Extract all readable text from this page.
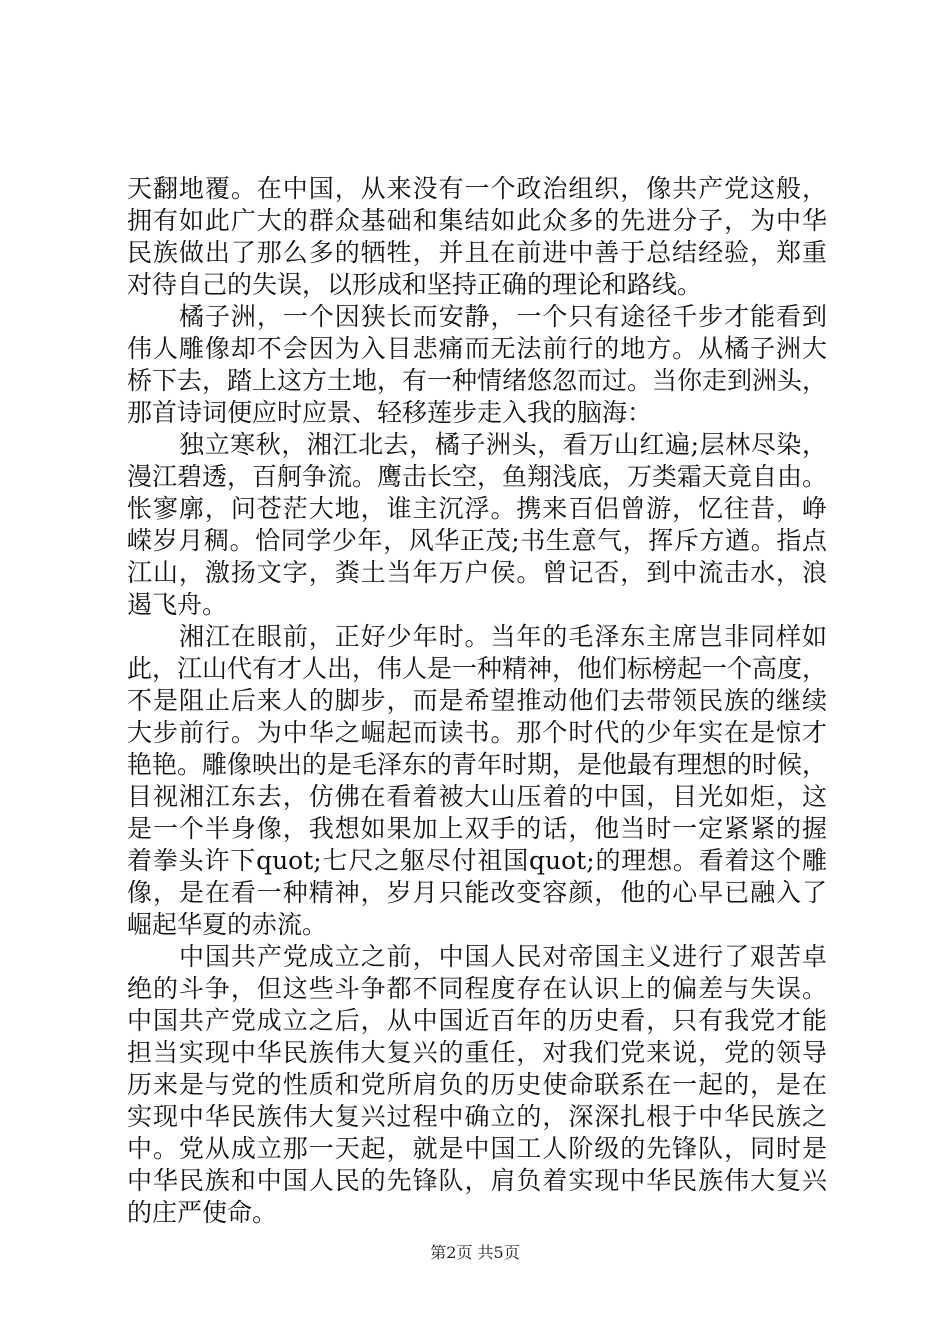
天翻地覆。在中国，从来没有一个政治组织，像共产党这般，
拥有如此广大的群众基础和集结如此众多的先进分子，为中华
民族做出了那么多的牺牲，并且在前进中善于总结经验，郑重
对待自己的失误，以形成和坚持正确的理论和路线。
橘子洲，一个因狭长而安静，一个只有途径千步才能看到
伟人雕像却不会因为入目悲痛而无法前行的地方。从橘子洲大
桥下去，踏上这方土地，有一种情绪悠忽而过。当你走到洲头，
那首诗词便应时应景、轻移莲步走入我的脑海：
独立寒秋，湘江北去，橘子洲头，看万山红遍;层林尽染，
漫江碧透，百舸争流。鹰击长空，鱼翔浅底，万类霜天竟自由。
怅寥廓，问苍茫大地，谁主沉浮。携来百侣曾游，忆往昔，峥
嵘岁月稠。恰同学少年，风华正茂;书生意气，挥斥方遒。指点
江山，激扬文字，粪土当年万户侯。曾记否，到中流击水，浪
遏飞舟。
湘江在眼前，正好少年时。当年的毛泽东主席岂非同样如
此，江山代有才人出，伟人是一种精神，他们标榜起一个高度，
不是阻止后来人的脚步，而是希望推动他们去带领民族的继续
大步前行。为中华之崛起而读书。那个时代的少年实在是惊才
艳艳。雕像映出的是毛泽东的青年时期，是他最有理想的时候，
目视湘江东去，仿佛在看着被大山压着的中国，目光如炬，这
是一个半身像，我想如果加上双手的话，他当时一定紧紧的握
着拳头许下quot;七尺之躯尽付祖国quot;的理想。看着这个雕
像，是在看一种精神，岁月只能改变容颜，他的心早已融入了
崛起华夏的赤流。
中国共产党成立之前，中国人民对帝国主义进行了艰苦卓
绝的斗争，但这些斗争都不同程度存在认识上的偏差与失误。
中国共产党成立之后，从中国近百年的历史看，只有我党才能
担当实现中华民族伟大复兴的重任，对我们党来说，党的领导
历来是与党的性质和党所肩负的历史使命联系在一起的，是在
实现中华民族伟大复兴过程中确立的，深深扎根于中华民族之
中。党从成立那一天起，就是中国工人阶级的先锋队，同时是
中华民族和中国人民的先锋队，肩负着实现中华民族伟大复兴
的庄严使命。
第2页 共5页
